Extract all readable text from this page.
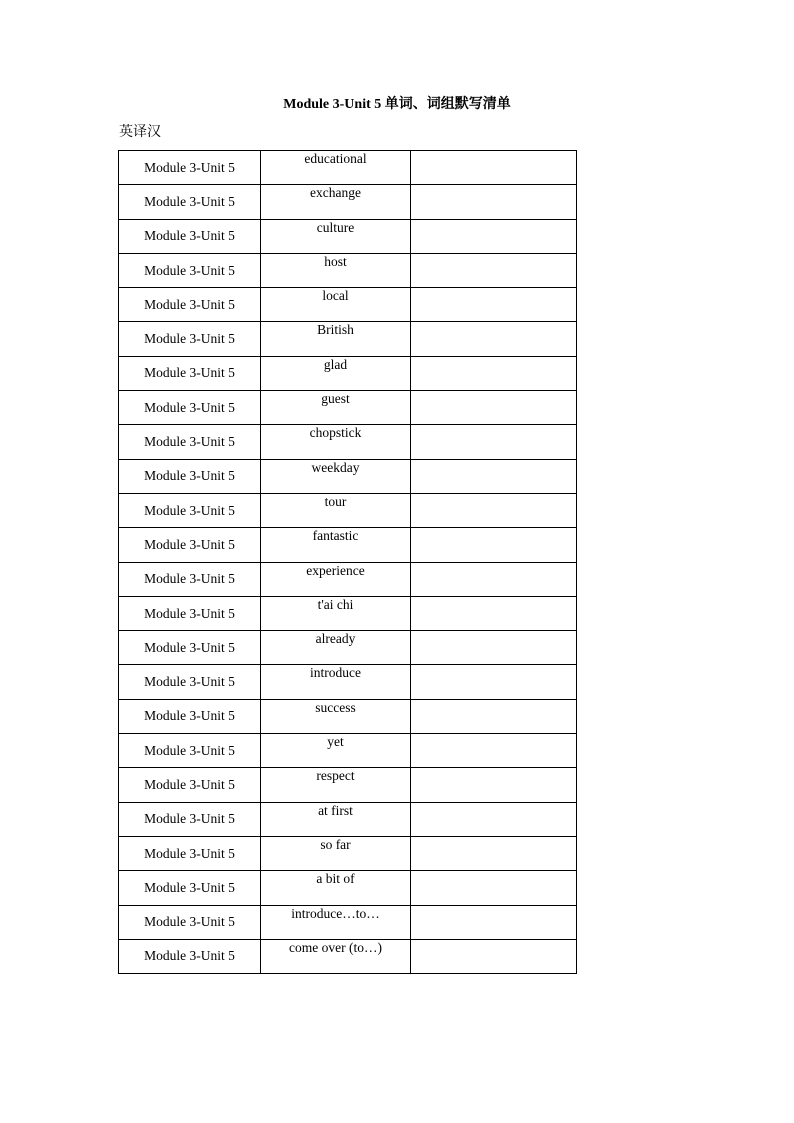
Module 3-Unit 5 单词、词组默写清单
英译汉
Module 3-Unit 5	educational	
Module 3-Unit 5	exchange	
Module 3-Unit 5	culture	
Module 3-Unit 5	host	
Module 3-Unit 5	local	
Module 3-Unit 5	British	
Module 3-Unit 5	glad	
Module 3-Unit 5	guest	
Module 3-Unit 5	chopstick	
Module 3-Unit 5	weekday	
Module 3-Unit 5	tour	
Module 3-Unit 5	fantastic	
Module 3-Unit 5	experience	
Module 3-Unit 5	t'ai chi	
Module 3-Unit 5	already	
Module 3-Unit 5	introduce	
Module 3-Unit 5	success	
Module 3-Unit 5	yet	
Module 3-Unit 5	respect	
Module 3-Unit 5	at first	
Module 3-Unit 5	so far	
Module 3-Unit 5	a bit of	
Module 3-Unit 5	introduce…to…	
Module 3-Unit 5	come over (to…)	
